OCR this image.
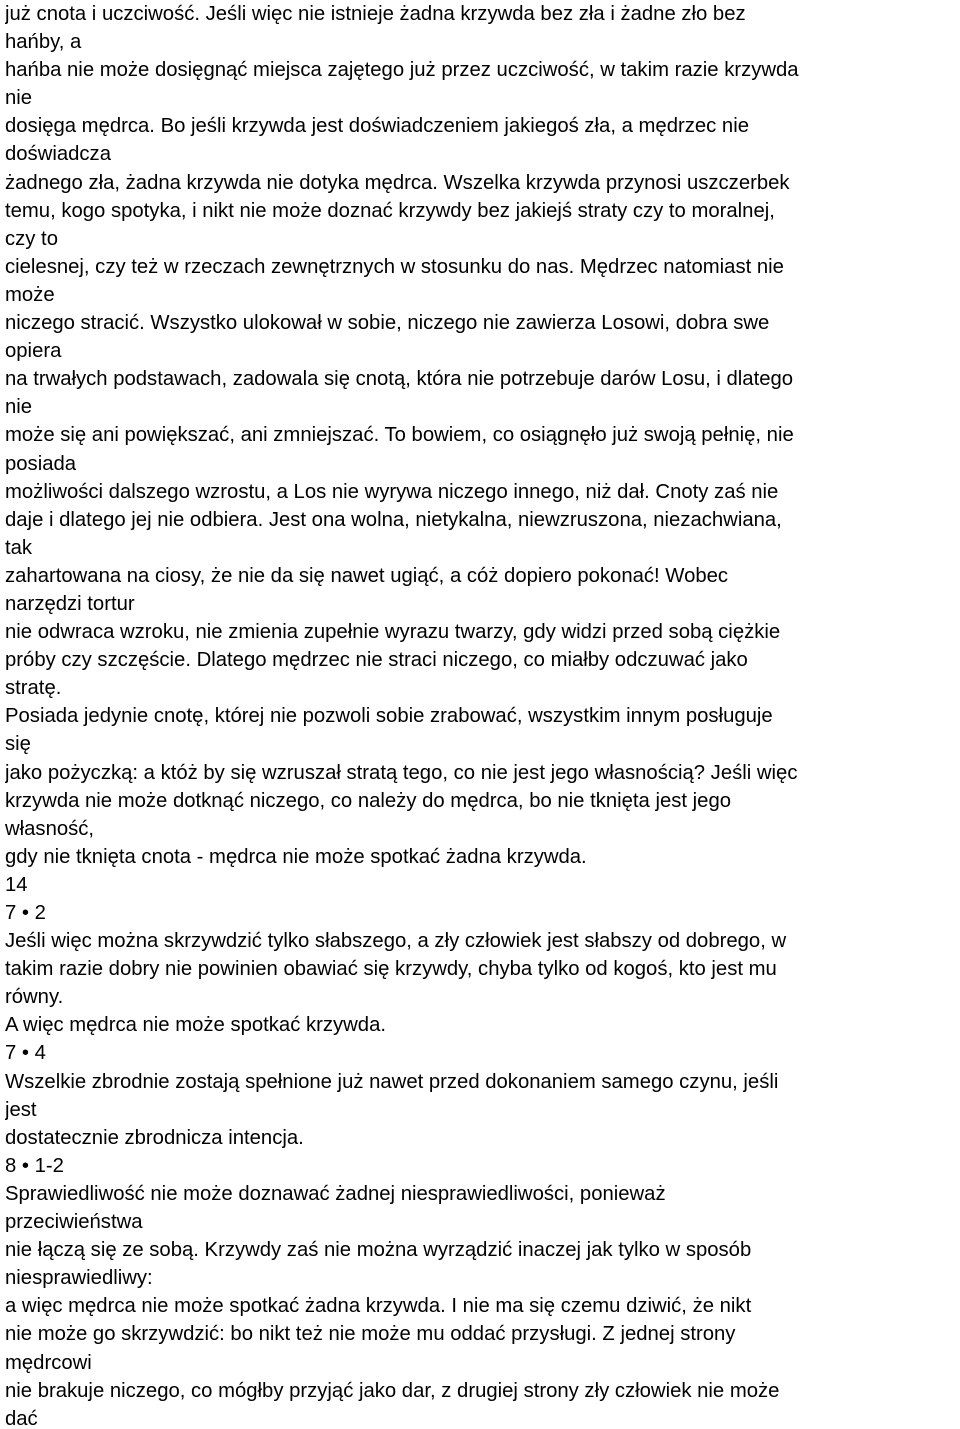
już cnota i uczciwość. Jeśli więc nie istnieje żadna krzywda bez zła i żadne zło bez
hańby, a
hańba nie może dosięgnąć miejsca zajętego już przez uczciwość, w takim razie krzywda
nie
dosięga mędrca. Bo jeśli krzywda jest doświadczeniem jakiegoś zła, a mędrzec nie
doświadcza
żadnego zła, żadna krzywda nie dotyka mędrca. Wszelka krzywda przynosi uszczerbek
temu, kogo spotyka, i nikt nie może doznać krzywdy bez jakiejś straty czy to moralnej,
czy to
cielesnej, czy też w rzeczach zewnętrznych w stosunku do nas. Mędrzec natomiast nie
może
niczego stracić. Wszystko ulokował w sobie, niczego nie zawierza Losowi, dobra swe
opiera
na trwałych podstawach, zadowala się cnotą, która nie potrzebuje darów Losu, i dlatego
nie
może się ani powiększać, ani zmniejszać. To bowiem, co osiągnęło już swoją pełnię, nie
posiada
możliwości dalszego wzrostu, a Los nie wyrywa niczego innego, niż dał. Cnoty zaś nie
daje i dlatego jej nie odbiera. Jest ona wolna, nietykalna, niewzruszona, niezachwiana,
tak
zahartowana na ciosy, że nie da się nawet ugiąć, a cóż dopiero pokonać! Wobec
narzędzi tortur
nie odwraca wzroku, nie zmienia zupełnie wyrazu twarzy, gdy widzi przed sobą ciężkie
próby czy szczęście. Dlatego mędrzec nie straci niczego, co miałby odczuwać jako
stratę.
Posiada jedynie cnotę, której nie pozwoli sobie zrabować, wszystkim innym posługuje
się
jako pożyczką: a któż by się wzruszał stratą tego, co nie jest jego własnością? Jeśli więc
krzywda nie może dotknąć niczego, co należy do mędrca, bo nie tknięta jest jego
własność,
gdy nie tknięta cnota - mędrca nie może spotkać żadna krzywda.
14
7 • 2
Jeśli więc można skrzywdzić tylko słabszego, a zły człowiek jest słabszy od dobrego, w
takim razie dobry nie powinien obawiać się krzywdy, chyba tylko od kogoś, kto jest mu
równy.
A więc mędrca nie może spotkać krzywda.
7 • 4
Wszelkie zbrodnie zostają spełnione już nawet przed dokonaniem samego czynu, jeśli
jest
dostatecznie zbrodnicza intencja.
8 • 1-2
Sprawiedliwość nie może doznawać żadnej niesprawiedliwości, ponieważ
przeciwieństwa
nie łączą się ze sobą. Krzywdy zaś nie można wyrządzić inaczej jak tylko w sposób
niesprawiedliwy:
a więc mędrca nie może spotkać żadna krzywda. I nie ma się czemu dziwić, że nikt
nie może go skrzywdzić: bo nikt też nie może mu oddać przysługi. Z jednej strony
mędrcowi
nie brakuje niczego, co mógłby przyjąć jako dar, z drugiej strony zły człowiek nie może
dać
